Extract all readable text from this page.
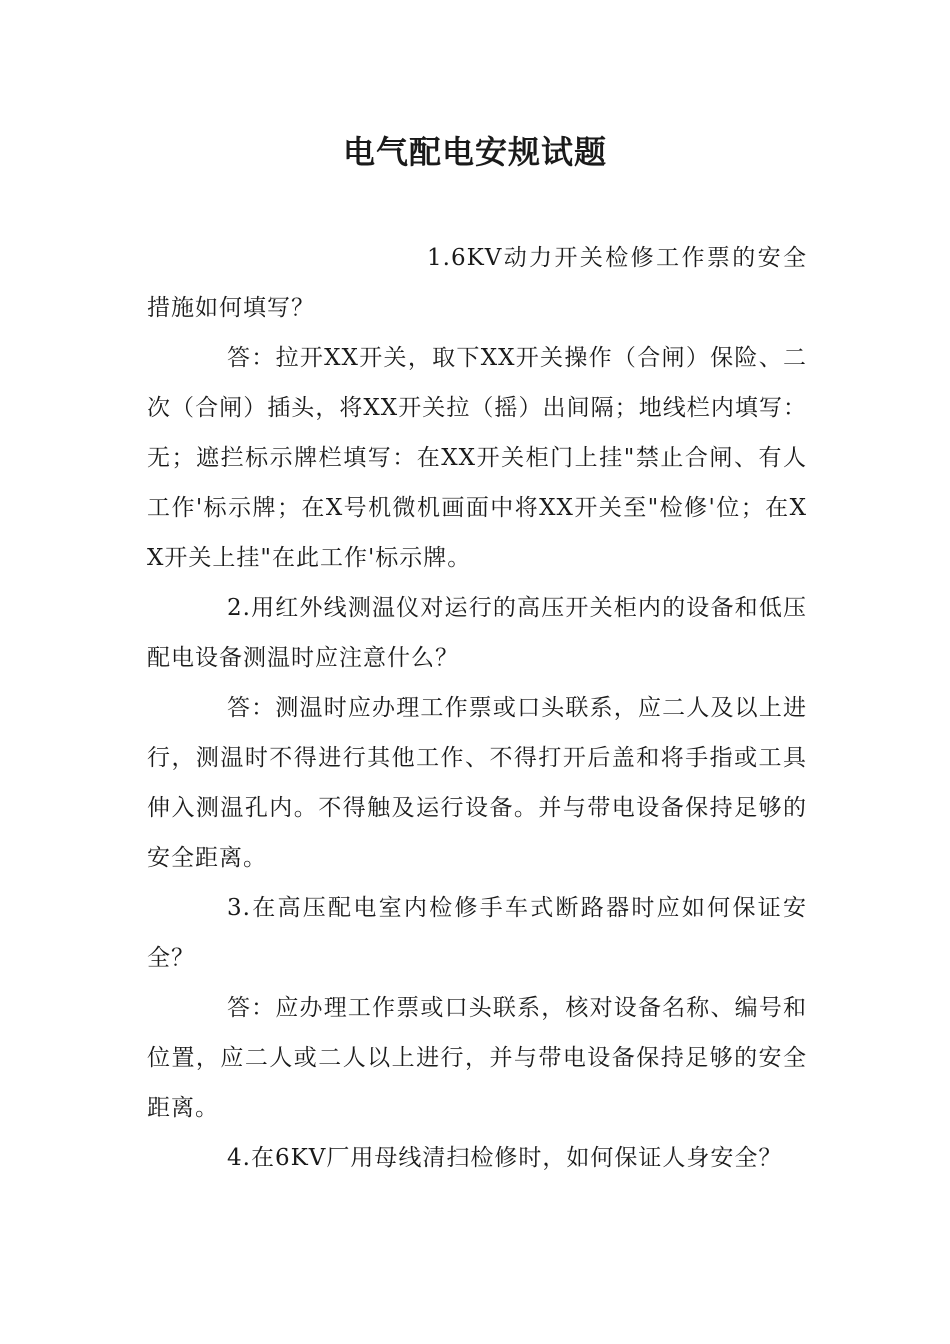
电气配电安规试题

1.6KV动力开关检修工作票的安全措施如何填写？

答：拉开XX开关，取下XX开关操作（合闸）保险、二次（合闸）插头，将XX开关拉（摇）出间隔；地线栏内填写：无；遮拦标示牌栏填写：在XX开关柜门上挂"禁止合闸、有人工作'标示牌；在X号机微机画面中将XX开关至"检修'位；在XX开关上挂"在此工作'标示牌。

2.用红外线测温仪对运行的高压开关柜内的设备和低压配电设备测温时应注意什么？

答：测温时应办理工作票或口头联系，应二人及以上进行，测温时不得进行其他工作、不得打开后盖和将手指或工具伸入测温孔内。不得触及运行设备。并与带电设备保持足够的安全距离。

3.在高压配电室内检修手车式断路器时应如何保证安全？

答：应办理工作票或口头联系，核对设备名称、编号和位置，应二人或二人以上进行，并与带电设备保持足够的安全距离。

4.在6KV厂用母线清扫检修时，如何保证人身安全？
